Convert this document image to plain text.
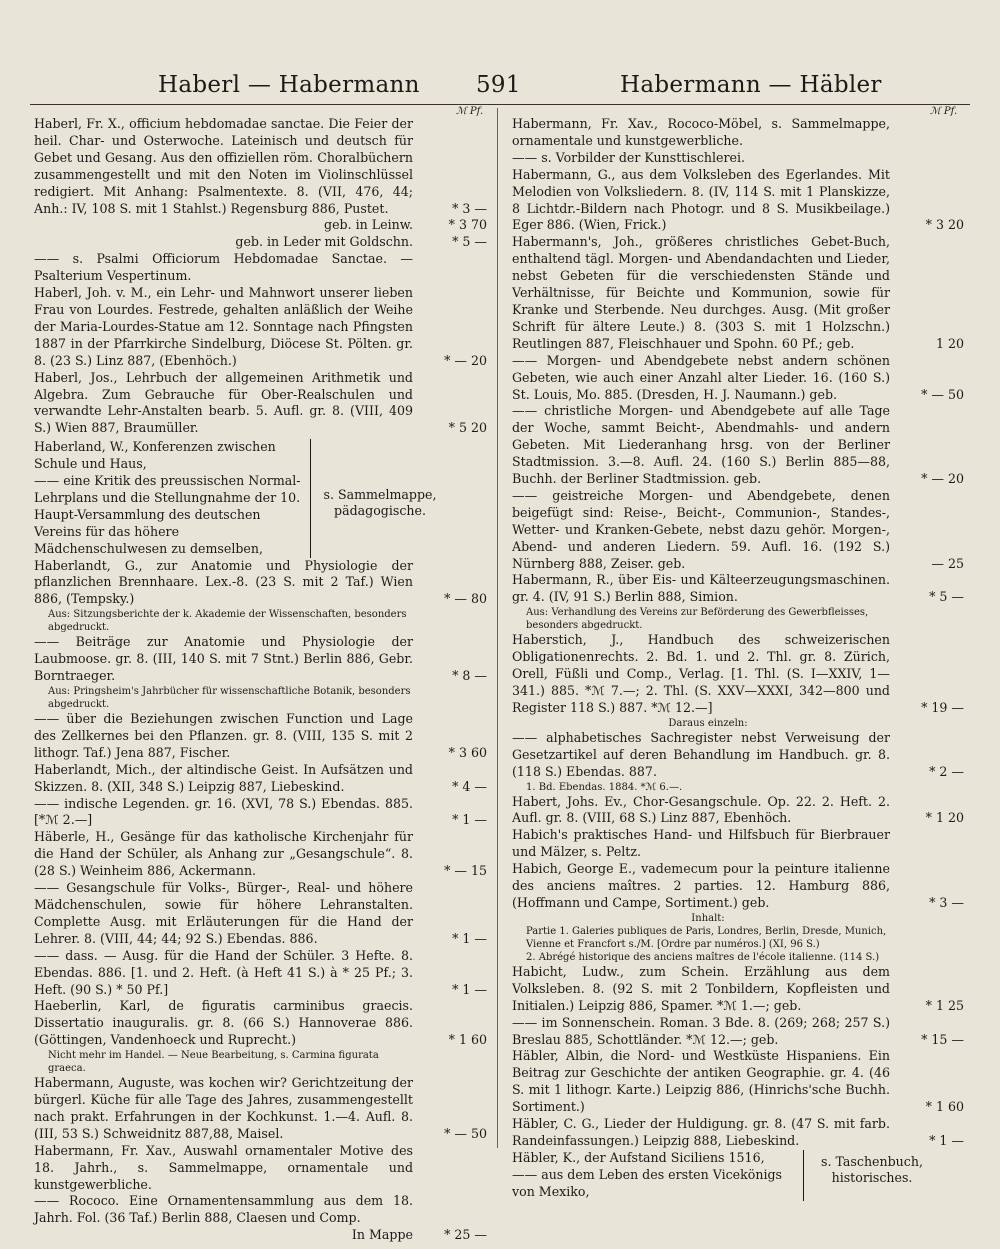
Haberl — Habermann 591	Habermann — Häbler
ℳ Pf.	ℳ Pf.
Haberl, Fr. X., officium hebdomadae sanctae. Die Feier der heil. Char- und Osterwoche. Lateinisch und deutsch für Gebet und Gesang. Aus den offiziellen röm. Choralbüchern zusammengestellt und mit den Noten im Violinschlüssel redigiert. Mit Anhang: Psalmentexte. 8. (VII, 476, 44; Anh.: IV, 108 S. mit 1 Stahlst.) Regensburg 886, Pustet.	* 3 —
geb. in Leinw.	* 3 70
geb. in Leder mit Goldschn.	* 5 —
—— s. Psalmi Officiorum Hebdomadae Sanctae. — Psalterium Vespertinum.
Haberl, Joh. v. M., ein Lehr- und Mahnwort unserer lieben Frau von Lourdes. Festrede, gehalten anläßlich der Weihe der Maria-Lourdes-Statue am 12. Sonntage nach Pfingsten 1887 in der Pfarrkirche Sindelburg, Diöcese St. Pölten. gr. 8. (23 S.) Linz 887, (Ebenhöch.)	* — 20
Haberl, Jos., Lehrbuch der allgemeinen Arithmetik und Algebra. Zum Gebrauche für Ober-Realschulen und verwandte Lehr-Anstalten bearb. 5. Aufl. gr. 8. (VIII, 409 S.) Wien 887, Braumüller.	* 5 20
Haberland, W., Konferenzen zwischen Schule und Haus,
—— eine Kritik des preussischen Normal-Lehrplans und die Stellungnahme der 10. Haupt-Versammlung des deutschen Vereins für das höhere Mädchenschulwesen zu demselben,
s. Sammelmappe, pädagogische.
Haberlandt, G., zur Anatomie und Physiologie der pflanzlichen Brennhaare. Lex.-8. (23 S. mit 2 Taf.) Wien 886, (Tempsky.)	* — 80
Aus: Sitzungsberichte der k. Akademie der Wissenschaften, besonders abgedruckt.
—— Beiträge zur Anatomie und Physiologie der Laubmoose. gr. 8. (III, 140 S. mit 7 Stnt.) Berlin 886, Gebr. Borntraeger.	* 8 —
Aus: Pringsheim's Jahrbücher für wissenschaftliche Botanik, besonders abgedruckt.
—— über die Beziehungen zwischen Function und Lage des Zellkernes bei den Pflanzen. gr. 8. (VIII, 135 S. mit 2 lithogr. Taf.) Jena 887, Fischer.	* 3 60
Haberlandt, Mich., der altindische Geist. In Aufsätzen und Skizzen. 8. (XII, 348 S.) Leipzig 887, Liebeskind.	* 4 —
—— indische Legenden. gr. 16. (XVI, 78 S.) Ebendas. 885. [*ℳ 2.—]	* 1 —
Häberle, H., Gesänge für das katholische Kirchenjahr für die Hand der Schüler, als Anhang zur „Gesangschule“. 8. (28 S.) Weinheim 886, Ackermann.	* — 15
—— Gesangschule für Volks-, Bürger-, Real- und höhere Mädchenschulen, sowie für höhere Lehranstalten. Complette Ausg. mit Erläuterungen für die Hand der Lehrer. 8. (VIII, 44; 44; 92 S.) Ebendas. 886.	* 1 —
—— dass. — Ausg. für die Hand der Schüler. 3 Hefte. 8. Ebendas. 886. [1. und 2. Heft. (à Heft 41 S.) à * 25 Pf.; 3. Heft. (90 S.) * 50 Pf.]	* 1 —
Haeberlin, Karl, de figuratis carminibus graecis. Dissertatio inauguralis. gr. 8. (66 S.) Hannoverae 886. (Göttingen, Vandenhoeck und Ruprecht.)	* 1 60
Nicht mehr im Handel. — Neue Bearbeitung, s. Carmina figurata graeca.
Habermann, Auguste, was kochen wir? Gerichtzeitung der bürgerl. Küche für alle Tage des Jahres, zusammengestellt nach prakt. Erfahrungen in der Kochkunst. 1.—4. Aufl. 8. (III, 53 S.) Schweidnitz 887,88, Maisel.	* — 50
Habermann, Fr. Xav., Auswahl ornamentaler Motive des 18. Jahrh., s. Sammelmappe, ornamentale und kunstgewerbliche.
—— Rococo. Eine Ornamentensammlung aus dem 18. Jahrh. Fol. (36 Taf.) Berlin 888, Claesen und Comp.
In Mappe * 25 —
Habermann, Fr. Xav., Rococo-Möbel, s. Sammelmappe, ornamentale und kunstgewerbliche.
—— s. Vorbilder der Kunsttischlerei.
Habermann, G., aus dem Volksleben des Egerlandes. Mit Melodien von Volksliedern. 8. (IV, 114 S. mit 1 Planskizze, 8 Lichtdr.-Bildern nach Photogr. und 8 S. Musikbeilage.) Eger 886. (Wien, Frick.)	* 3 20
Habermann's, Joh., größeres christliches Gebet-Buch, enthaltend tägl. Morgen- und Abendandachten und Lieder, nebst Gebeten für die verschiedensten Stände und Verhältnisse, für Beichte und Kommunion, sowie für Kranke und Sterbende. Neu durchges. Ausg. (Mit großer Schrift für ältere Leute.) 8. (303 S. mit 1 Holzschn.) Reutlingen 887, Fleischhauer und Spohn. 60 Pf.; geb.	1 20
—— Morgen- und Abendgebete nebst andern schönen Gebeten, wie auch einer Anzahl alter Lieder. 16. (160 S.) St. Louis, Mo. 885. (Dresden, H. J. Naumann.) geb.	* — 50
—— christliche Morgen- und Abendgebete auf alle Tage der Woche, sammt Beicht-, Abendmahls- und andern Gebeten. Mit Liederanhang hrsg. von der Berliner Stadtmission. 3.—8. Aufl. 24. (160 S.) Berlin 885—88, Buchh. der Berliner Stadtmission. geb.	* — 20
—— geistreiche Morgen- und Abendgebete, denen beigefügt sind: Reise-, Beicht-, Communion-, Standes-, Wetter- und Kranken-Gebete, nebst dazu gehör. Morgen-, Abend- und anderen Liedern. 59. Aufl. 16. (192 S.) Nürnberg 888, Zeiser. geb.	— 25
Habermann, R., über Eis- und Kälteerzeugungsmaschinen. gr. 4. (IV, 91 S.) Berlin 888, Simion.	* 5 —
Aus: Verhandlung des Vereins zur Beförderung des Gewerbfleisses, besonders abgedruckt.
Haberstich, J., Handbuch des schweizerischen Obligationenrechts. 2. Bd. 1. und 2. Thl. gr. 8. Zürich, Orell, Füßli und Comp., Verlag. [1. Thl. (S. I—XXIV, 1—341.) 885. *ℳ 7.—; 2. Thl. (S. XXV—XXXI, 342—800 und Register 118 S.) 887. *ℳ 12.—]	* 19 —
Daraus einzeln:
—— alphabetisches Sachregister nebst Verweisung der Gesetzartikel auf deren Behandlung im Handbuch. gr. 8. (118 S.) Ebendas. 887.	* 2 —
1. Bd. Ebendas. 1884. *ℳ 6.—.
Habert, Johs. Ev., Chor-Gesangschule. Op. 22. 2. Heft. 2. Aufl. gr. 8. (VIII, 68 S.) Linz 887, Ebenhöch.	* 1 20
Habich's praktisches Hand- und Hilfsbuch für Bierbrauer und Mälzer, s. Peltz.
Habich, George E., vademecum pour la peinture italienne des anciens maîtres. 2 parties. 12. Hamburg 886, (Hoffmann und Campe, Sortiment.) geb.	* 3 —
Inhalt:
Partie 1. Galeries publiques de Paris, Londres, Berlin, Dresde, Munich, Vienne et Francfort s./M. [Ordre par numéros.] (XI, 96 S.)
2. Abrégé historique des anciens maîtres de l'école italienne. (114 S.)
Habicht, Ludw., zum Schein. Erzählung aus dem Volksleben. 8. (92 S. mit 2 Tonbildern, Kopfleisten und Initialen.) Leipzig 886, Spamer. *ℳ 1.—; geb.	* 1 25
—— im Sonnenschein. Roman. 3 Bde. 8. (269; 268; 257 S.) Breslau 885, Schottländer. *ℳ 12.—; geb.	* 15 —
Häbler, Albin, die Nord- und Westküste Hispaniens. Ein Beitrag zur Geschichte der antiken Geographie. gr. 4. (46 S. mit 1 lithogr. Karte.) Leipzig 886, (Hinrichs'sche Buchh. Sortiment.)	* 1 60
Häbler, C. G., Lieder der Huldigung. gr. 8. (47 S. mit farb. Randeinfassungen.) Leipzig 888, Liebeskind.	* 1 —
Häbler, K., der Aufstand Siciliens 1516,
—— aus dem Leben des ersten Vicekönigs von Mexiko,
s. Taschenbuch, historisches.
